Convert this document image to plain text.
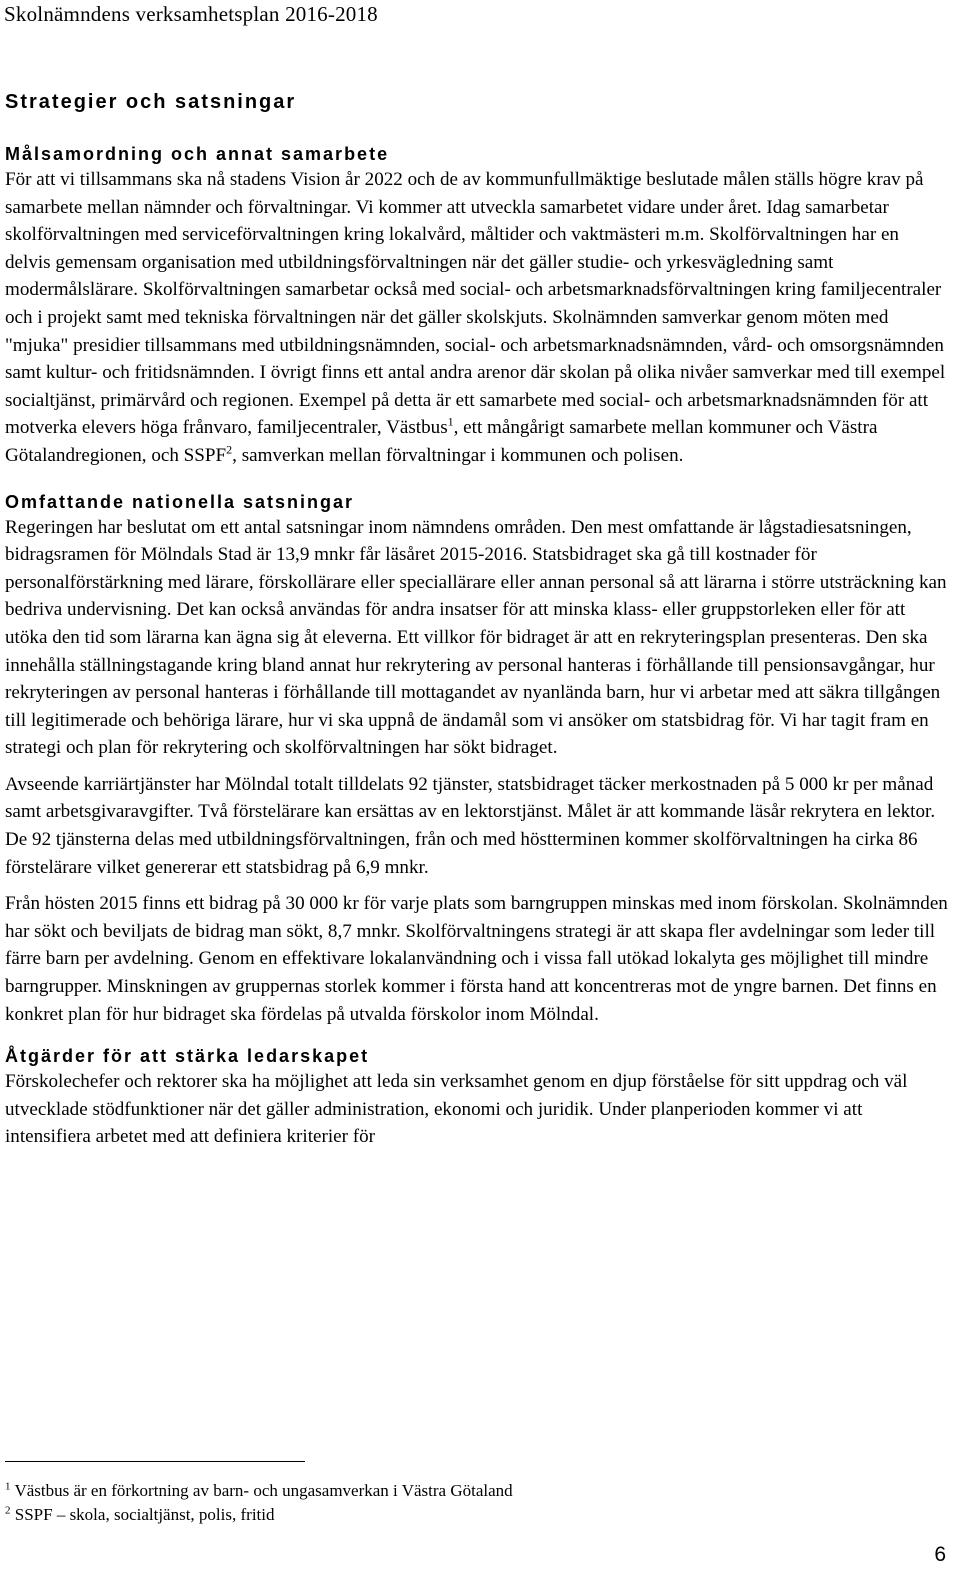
Skolnämndens verksamhetsplan 2016-2018
Strategier och satsningar
Målsamordning och annat samarbete

För att vi tillsammans ska nå stadens Vision år 2022 och de av kommunfullmäktige beslutade målen ställs högre krav på samarbete mellan nämnder och förvaltningar. Vi kommer att utveckla samarbetet vidare under året. Idag samarbetar skolförvaltningen med serviceförvaltningen kring lokalvård, måltider och vaktmästeri m.m. Skolförvaltningen har en delvis gemensam organisation med utbildningsförvaltningen när det gäller studie- och yrkesvägledning samt modermålslärare. Skolförvaltningen samarbetar också med social- och arbetsmarknadsförvaltningen kring familjecentraler och i projekt samt med tekniska förvaltningen när det gäller skolskjuts. Skolnämnden samverkar genom möten med "mjuka" presidier tillsammans med utbildningsnämnden, social- och arbetsmarknadsnämnden, vård- och omsorgsnämnden samt kultur- och fritidsnämnden. I övrigt finns ett antal andra arenor där skolan på olika nivåer samverkar med till exempel socialtjänst, primärvård och regionen. Exempel på detta är ett samarbete med social- och arbetsmarknadsnämnden för att motverka elevers höga frånvaro, familjecentraler, Västbus$^1$, ett mångårigt samarbete mellan kommuner och Västra Götalandregionen, och SSPF$^2$, samverkan mellan förvaltningar i kommunen och polisen.

Omfattande nationella satsningar

Regeringen har beslutat om ett antal satsningar inom nämndens områden. Den mest omfattande är lågstadiesatsningen, bidragsramen för Mölndals Stad är 13,9 mnkr får läsåret 2015-2016. Statsbidraget ska gå till kostnader för personalförstärkning med lärare, förskollärare eller speciallärare eller annan personal så att lärarna i större utsträckning kan bedriva undervisning. Det kan också användas för andra insatser för att minska klass- eller gruppstorleken eller för att utöka den tid som lärarna kan ägna sig åt eleverna. Ett villkor för bidraget är att en rekryteringsplan presenteras. Den ska innehålla ställningstagande kring bland annat hur rekrytering av personal hanteras i förhållande till pensionsavgångar, hur rekryteringen av personal hanteras i förhållande till mottagandet av nyanlända barn, hur vi arbetar med att säkra tillgången till legitimerade och behöriga lärare, hur vi ska uppnå de ändamål som vi ansöker om statsbidrag för. Vi har tagit fram en strategi och plan för rekrytering och skolförvaltningen har sökt bidraget.

Avseende karriärtjänster har Mölndal totalt tilldelats 92 tjänster, statsbidraget täcker merkostnaden på 5 000 kr per månad samt arbetsgivaravgifter. Två förstelärare kan ersättas av en lektorstjänst. Målet är att kommande läsår rekrytera en lektor. De 92 tjänsterna delas med utbildningsförvaltningen, från och med höstterminen kommer skolförvaltningen ha cirka 86 förstelärare vilket genererar ett statsbidrag på 6,9 mnkr.

Från hösten 2015 finns ett bidrag på 30 000 kr för varje plats som barngruppen minskas med inom förskolan. Skolnämnden har sökt och beviljats de bidrag man sökt, 8,7 mnkr. Skolförvaltningens strategi är att skapa fler avdelningar som leder till färre barn per avdelning. Genom en effektivare lokalanvändning och i vissa fall utökad lokalyta ges möjlighet till mindre barngrupper. Minskningen av gruppernas storlek kommer i första hand att koncentreras mot de yngre barnen. Det finns en konkret plan för hur bidraget ska fördelas på utvalda förskolor inom Mölndal.

Åtgärder för att stärka ledarskapet

Förskolechefer och rektorer ska ha möjlighet att leda sin verksamhet genom en djup förståelse för sitt uppdrag och väl utvecklade stödfunktioner när det gäller administration, ekonomi och juridik. Under planperioden kommer vi att intensifiera arbetet med att definiera kriterier för

$^1$ Västbus är en förkortning av barn- och ungasamverkan i Västra Götaland

$^2$ SSPF – skola, socialtjänst, polis, fritid

6
